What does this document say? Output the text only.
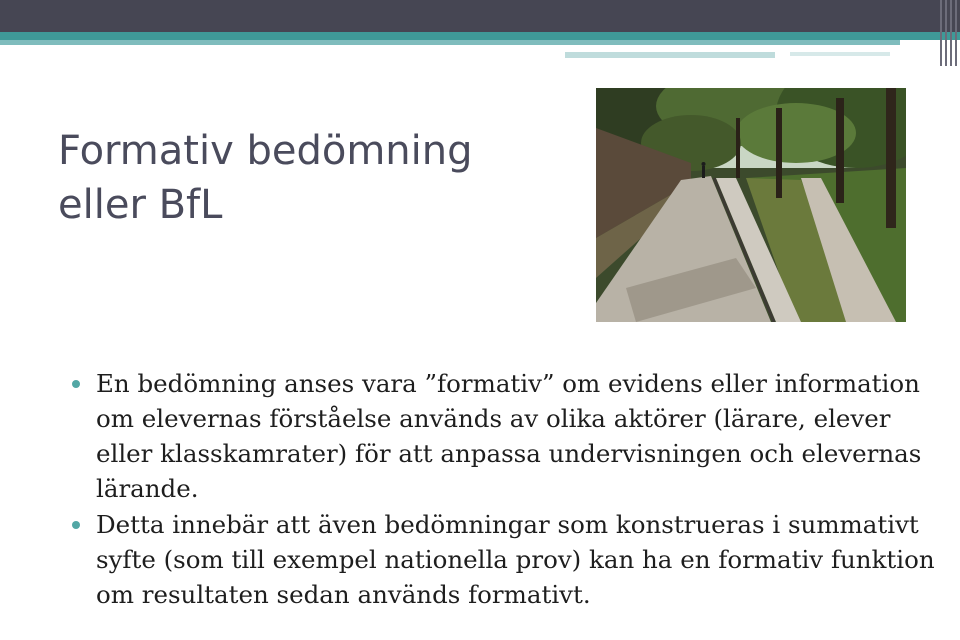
Formativ bedömning
eller BfL
En bedömning anses vara ”formativ” om evidens eller information om elevernas förståelse används av olika aktörer (lärare, elever eller klasskamrater) för att anpassa undervisningen och elevernas lärande.
Detta innebär att även bedömningar som konstrueras i summativt syfte (som till exempel nationella prov) kan ha en formativ funktion om resultaten sedan används formativt.
